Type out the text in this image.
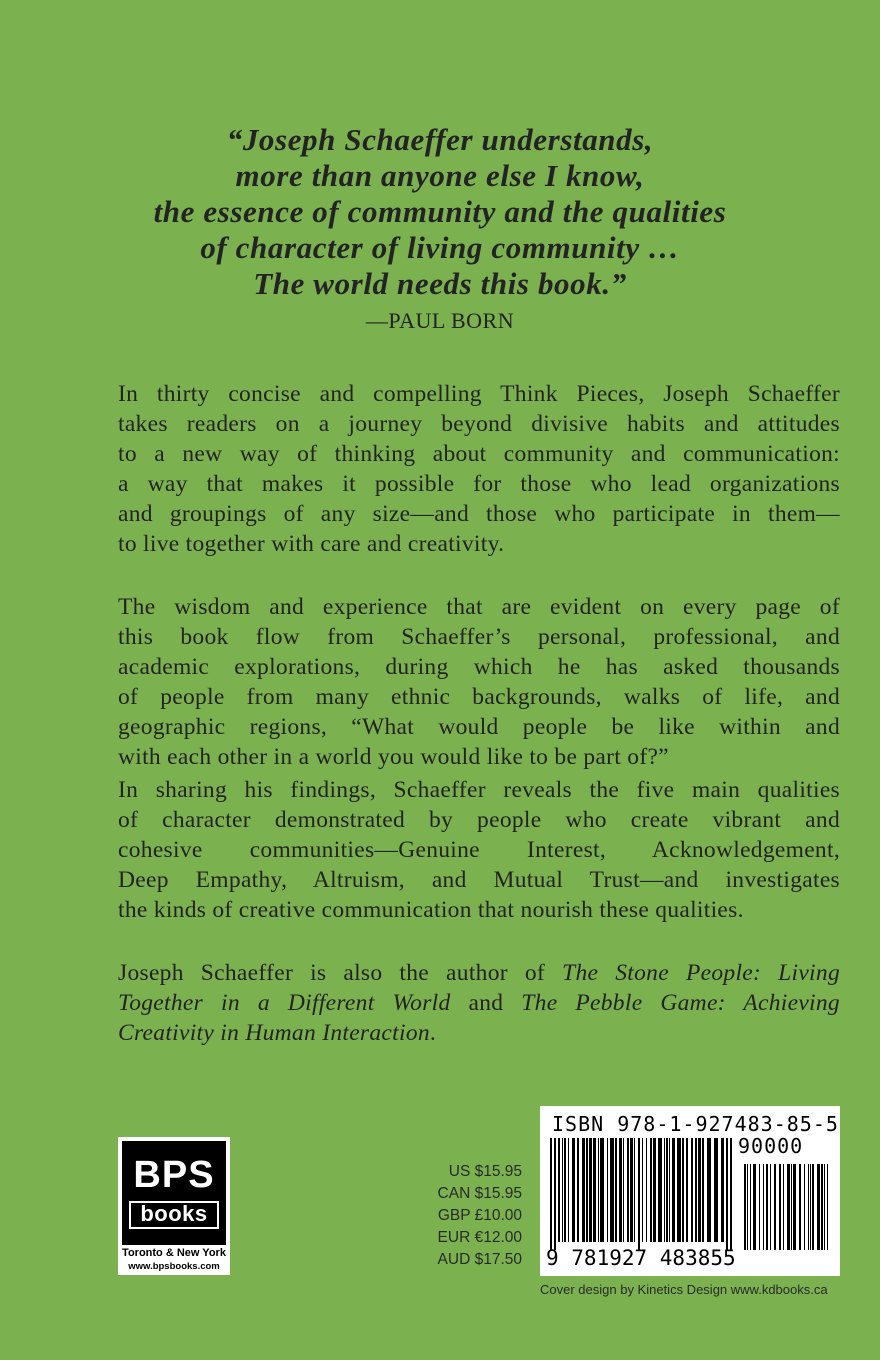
“Joseph Schaeffer understands,
more than anyone else I know,
the essence of community and the qualities
of character of living community …
The world needs this book.”
—PAUL BORN
In thirty concise and compelling Think Pieces, Joseph Schaeffer
takes readers on a journey beyond divisive habits and attitudes
to a new way of thinking about community and communication:
a way that makes it possible for those who lead organizations
and groupings of any size—and those who participate in them—
to live together with care and creativity.
The wisdom and experience that are evident on every page of
this book flow from Schaeffer’s personal, professional, and
academic explorations, during which he has asked thousands
of people from many ethnic backgrounds, walks of life, and
geographic regions, “What would people be like within and
with each other in a world you would like to be part of?”
In sharing his findings, Schaeffer reveals the five main qualities
of character demonstrated by people who create vibrant and
cohesive communities—Genuine Interest, Acknowledgement,
Deep Empathy, Altruism, and Mutual Trust—and investigates
the kinds of creative communication that nourish these qualities.
Joseph Schaeffer is also the author of The Stone People: Living
Together in a Different World and The Pebble Game: Achieving
Creativity in Human Interaction.
BPS
books
Toronto & New York
www.bpsbooks.com
US $15.95
CAN $15.95
GBP £10.00
EUR €12.00
AUD $17.50
ISBN 978-1-927483-85-5
90000
9 781927 483855
Cover design by Kinetics Design www.kdbooks.ca
